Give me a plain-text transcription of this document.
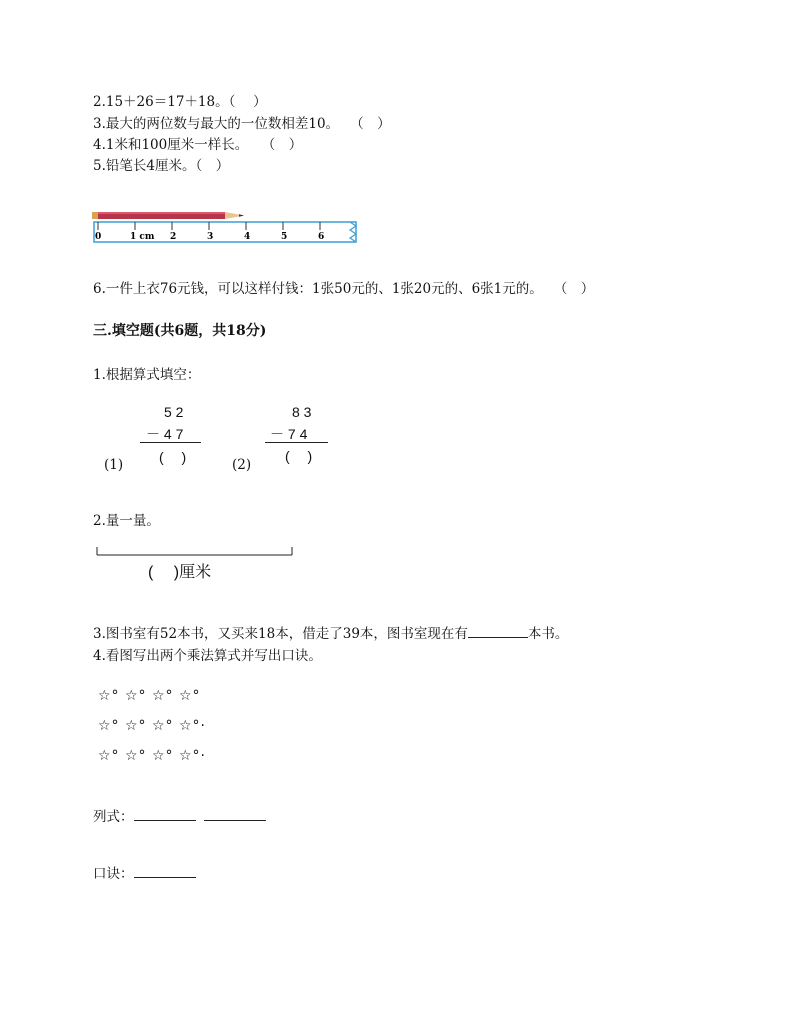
2.15＋26＝17＋18。（　 ）
3.最大的两位数与最大的一位数相差10。　 （　）
4.1米和100厘米一样长。　　（　）
5.铅笔长4厘米。（　）
0	1 cm 2	3	4	5	6
6.一件上衣76元钱，可以这样付钱：1张50元的、1张20元的、6张1元的。　 （　）
三.填空题(共6题，共18分)
1.根据算式填空：
5 2
－ 4 7
(　 )
(1)
8 3
－ 7 4
(　 )
(2)
2.量一量。
(　 )厘米
3.图书室有52本书，又买来18本，借走了39本，图书室现在有	本书。
4.看图写出两个乘法算式并写出口诀。
☆° ☆° ☆° ☆°
☆° ☆° ☆° ☆°·
☆° ☆° ☆° ☆°·
列式：
口诀：
